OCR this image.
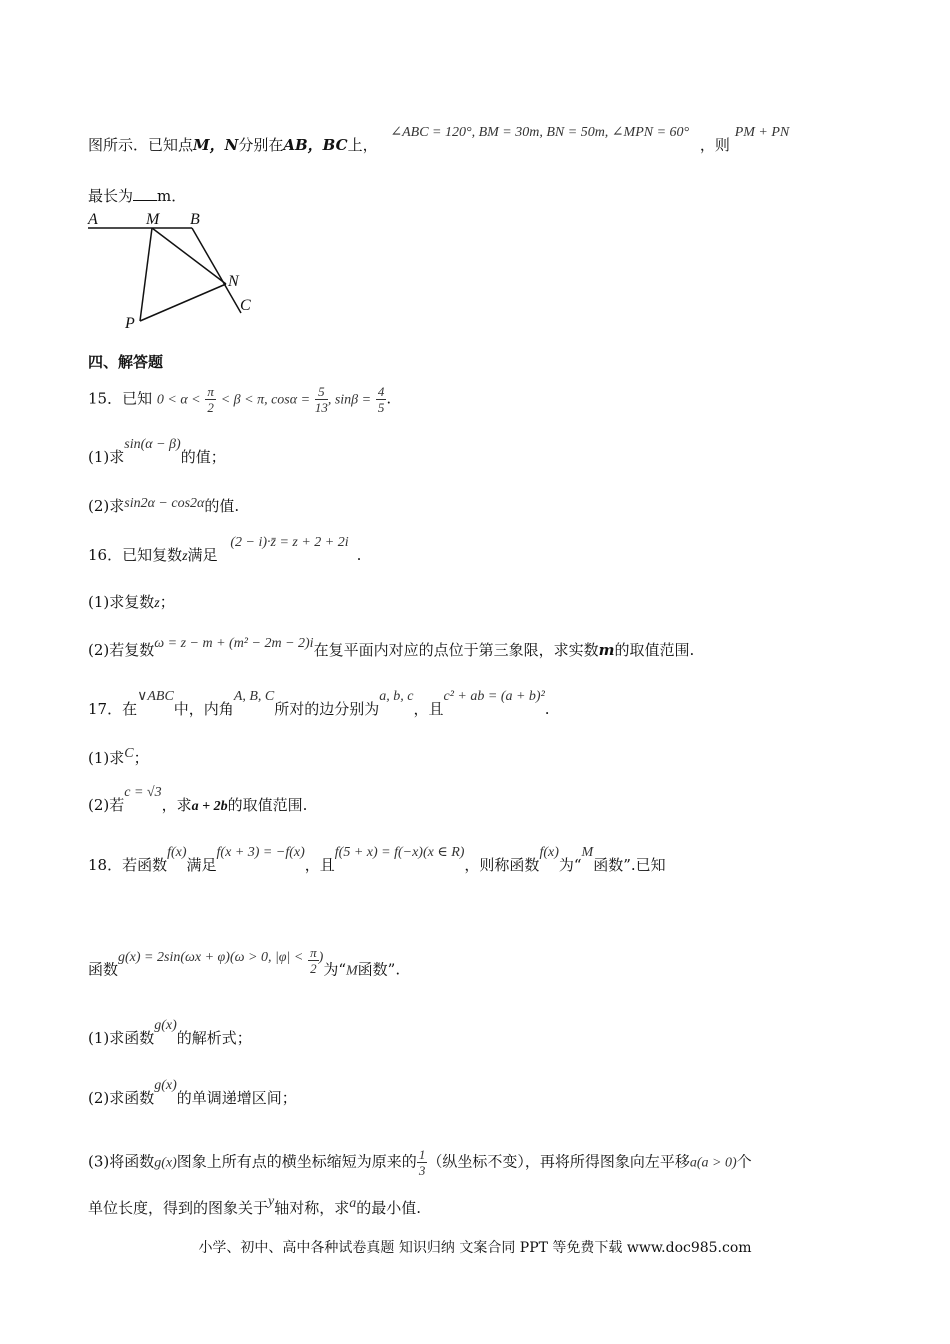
图所示．已知点M，N分别在AB，BC上， ∠ABC = 120°, BM = 30m, BN = 50m, ∠MPN = 60° ，则 PM + PN
最长为 m．
A	M B
N
C
P
四、解答题
15．已知 $0 < \alpha < \frac{\pi}{2} < \beta < \pi$, $\cos\alpha = \frac{5}{13}$ , $\sin\beta = \frac{4}{5}$ .
(1)求sin(α − β)的值；
(2)求sin2α − cos2α的值.
16．已知复数z满足 (2 − i)·z̄ = z + 2 + 2i.
(1)求复数z；
(2)若复数ω = z − m + (m² − 2m − 2)i在复平面内对应的点位于第三象限，求实数m的取值范围.
17．在∨ABC中，内角A, B, C所对的边分别为a, b, c，且c² + ab = (a + b)².
(1)求C；
(2)若c = √3，求a + 2b的取值范围.
18．若函数f(x)满足f(x + 3) = −f(x)，且f(5 + x) = f(−x)(x ∈ R)，则称函数f(x)为“M函数”.已知
函数g(x) = 2sin(ωx + φ)(ω > 0, $|\varphi| < \frac{\pi}{2}$ )为“M函数”.
(1)求函数g(x)的解析式；
(2)求函数g(x)的单调递增区间；
(3)将函数g(x)图象上所有点的横坐标缩短为原来的 $\frac{1}{3}$ （纵坐标不变），再将所得图象向左平移a(a > 0)个
单位长度，得到的图象关于y轴对称，求a的最小值.
小学、初中、高中各种试卷真题 知识归纳 文案合同 PPT 等免费下载 www.doc985.com
